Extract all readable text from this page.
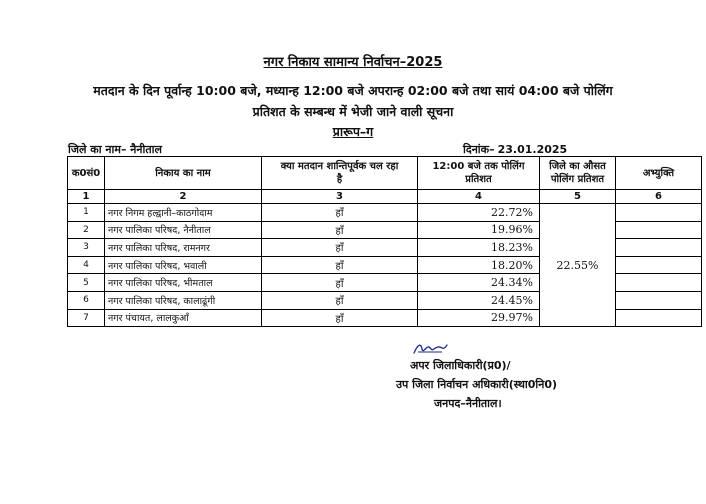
नगर निकाय सामान्य निर्वाचन–2025
मतदान के दिन पूर्वान्ह 10:00 बजे, मध्यान्ह 12:00 बजे अपरान्ह 02:00 बजे तथा सायं 04:00 बजे पोलिंग
प्रतिशत के सम्बन्ध में भेजी जाने वाली सूचना
प्रारूप–ग
जिले का नाम– नैनीताल	दिनांक– 23.01.2025
क0सं0	निकाय का नाम	क्या मतदान शान्तिपूर्वक चल रहा है	12:00 बजे तक पोलिंग प्रतिशत	जिले का औसत पोलिंग प्रतिशत	अभ्युक्ति
1	2	3	4	5	6
1	नगर निगम हल्द्वानी–काठगोदाम	हाँ	22.72%	22.55%	
2	नगर पालिका परिषद, नैनीताल	हाँ	19.96%		
3	नगर पालिका परिषद, रामनगर	हाँ	18.23%		
4	नगर पालिका परिषद, भवाली	हाँ	18.20%		
5	नगर पालिका परिषद, भीमताल	हाँ	24.34%		
6	नगर पालिका परिषद, कालाढूंगी	हाँ	24.45%		
7	नगर पंचायत, लालकुआँ	हाँ	29.97%		
अपर जिलाधिकारी(प्र0)/
उप जिला निर्वाचन अधिकारी(स्था0नि0)
जनपद–नैनीताल।
